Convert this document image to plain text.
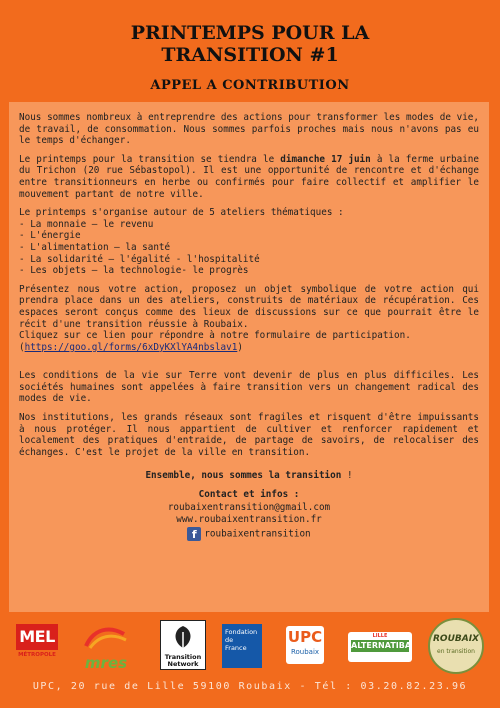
PRINTEMPS POUR LA
TRANSITION #1
APPEL A CONTRIBUTION

Nous sommes nombreux à entreprendre des actions pour transformer les modes de vie, de travail, de consommation. Nous sommes parfois proches mais nous n'avons pas eu le temps d'échanger.

Le printemps pour la transition se tiendra le dimanche 17 juin à la ferme urbaine du Trichon (20 rue Sébastopol). Il est une opportunité de rencontre et d'échange entre transitionneurs en herbe ou confirmés pour faire collectif et amplifier le mouvement partant de notre ville.

Le printemps s'organise autour de 5 ateliers thématiques :
- La monnaie – le revenu
- L'énergie
- L'alimentation – la santé
- La solidarité – l'égalité - l'hospitalité
- Les objets – la technologie- le progrès

Présentez nous votre action, proposez un objet symbolique de votre action qui prendra place dans un des ateliers, construits de matériaux de récupération. Ces espaces seront conçus comme des lieux de discussions sur ce que pourrait être le récit d'une transition réussie à Roubaix.
Cliquez sur ce lien pour répondre à notre formulaire de participation.
(https://goo.gl/forms/6xDyKXlYA4nbslav1)

Les conditions de la vie sur Terre vont devenir de plus en plus difficiles. Les sociétés humaines sont appelées à faire transition vers un changement radical des modes de vie.

Nos institutions, les grands réseaux sont fragiles et risquent d'être impuissants à nous protéger. Il nous appartient de cultiver et renforcer rapidement et localement des pratiques d'entraide, de partage de savoirs, de relocaliser des échanges. C'est le projet de la ville en transition.

Ensemble, nous sommes la transition !

Contact et infos :
roubaixentransition@gmail.com
www.roubaixentransition.fr
f roubaixentransition
MEL
MÉTROPOLE	mres	Transition
Network
Fondation
de
France
UPC
Roubaix
LILLE
ALTERNATIBA
ROUBAIX
en transition
UPC, 20 rue de Lille 59100 Roubaix - Tél : 03.20.82.23.96
